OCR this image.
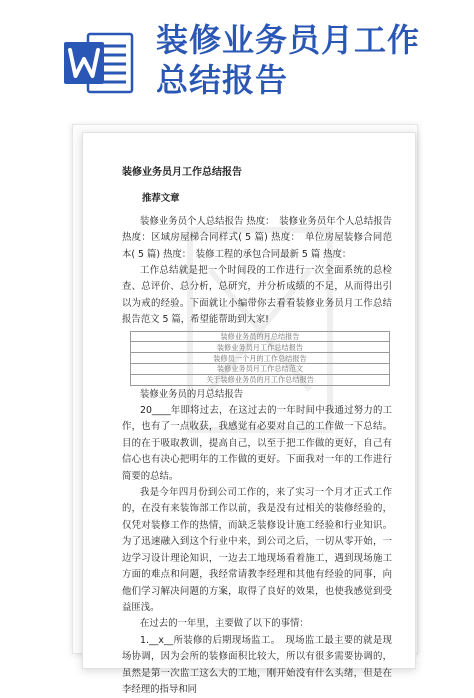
装修业务员月工作
总结报告
装修业务员月工作总结报告
推荐文章

装修业务员个人总结报告 热度：　装修业务员年个人总结报告 热度：区域房屋梯合同样式( 5 篇) 热度：　单位房屋装修合同范本( 5 篇) 热度：　装修工程的承包合同最新 5 篇 热度：

工作总结就是把一个时间段的工作进行一次全面系统的总检查、总评价、总分析，总研究，并分析成绩的不足，从而得出引以为戒的经验。下面就让小编带你去看看装修业务员月工作总结报告范文 5 篇，希望能帮助到大家!

装修业务员的月总结报告
装修业务员月工作总结报告
装修员一个月的工作总结报告
装修业务员月工作总结范文
关于装修业务员的月工作总结报告

装修业务员的月总结报告

20____年即将过去，在这过去的一年时间中我通过努力的工作，也有了一点收获，我感觉有必要对自己的工作做一下总结。目的在于吸取教训，提高自己，以至于把工作做的更好，自己有信心也有决心把明年的工作做的更好。下面我对一年的工作进行简要的总结。

我是今年四月份到公司工作的，来了实习一个月才正式工作的，在没有来装饰部工作以前，我是没有过相关的装修经验的，仅凭对装修工作的热情，而缺乏装修设计施工经验和行业知识。为了迅速融入到这个行业中来，到公司之后，一切从零开始，一边学习设计理论知识，一边去工地现场看着施工，遇到现场施工方面的难点和问题，我经常请教李经理和其他有经验的同事，向他们学习解决问题的方案，取得了良好的效果，也使我感觉到受益匪浅。

在过去的一年里，主要做了以下的事情：

1.__x__所装修的后期现场监工。　现场监工最主要的就是现场协调，因为会所的装修面积比较大，所以有很多需要协调的，虽然是第一次监工这么大的工地，刚开始没有什么头绪，但是在李经理的指导和同
